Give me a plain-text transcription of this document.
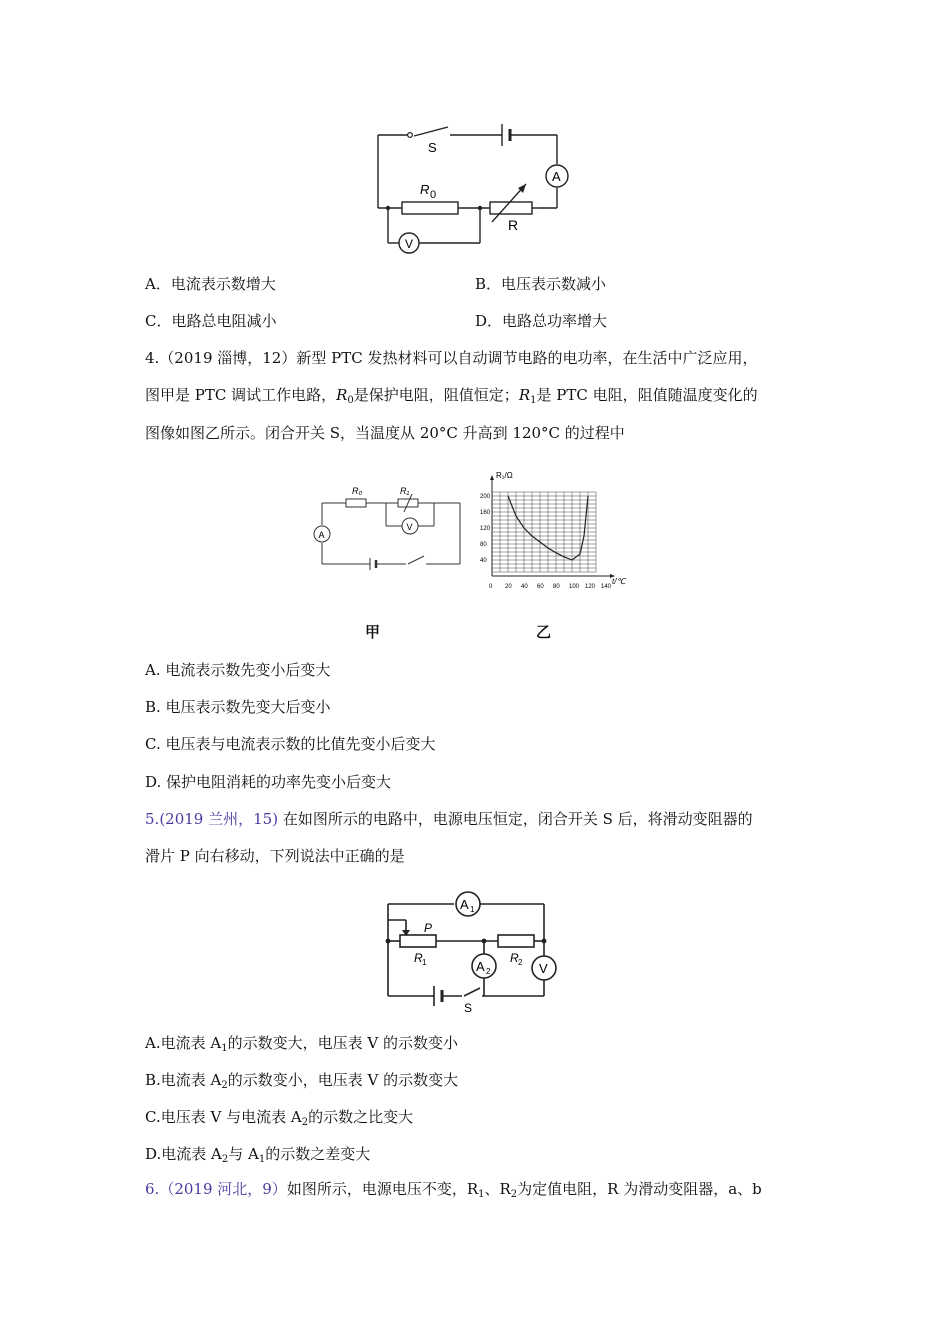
A
V
S
R 0
R
A．电流表示数增大	B．电压表示数减小
C．电路总电阻减小	D．电路总功率增大
4.（2019 淄博，12）新型 PTC 发热材料可以自动调节电路的电功率，在生活中广泛应用，
图甲是 PTC 调试工作电路，$R_0$是保护电阻，阻值恒定；$R_1$是 PTC 电阻，阻值随温度变化的
图像如图乙所示。闭合开关 S，当温度从 20°C 升高到 120°C 的过程中
A
V
R₀	R₁
0 20 40 60 80 100 120 140
40
80
120
160
200
R₁/Ω
t/℃
甲	乙
A. 电流表示数先变小后变大
B. 电压表示数先变大后变小
C. 电压表与电流表示数的比值先变小后变大
D. 保护电阻消耗的功率先变小后变大
5.(2019 兰州，15) 在如图所示的电路中，电源电压恒定，闭合开关 S 后，将滑动变阻器的
滑片 P 向右移动，下列说法中正确的是
A 1
A 2	V
P
R 1	R 2
S
A.电流表 $A_1$的示数变大，电压表 V 的示数变小
B.电流表 $A_2$的示数变小，电压表 V 的示数变大
C.电压表 V 与电流表 $A_2$的示数之比变大
D.电流表 $A_2$与 $A_1$的示数之差变大
6.（2019 河北，9）如图所示，电源电压不变，$R_1$、$R_2$为定值电阻，R 为滑动变阻器，a、b
